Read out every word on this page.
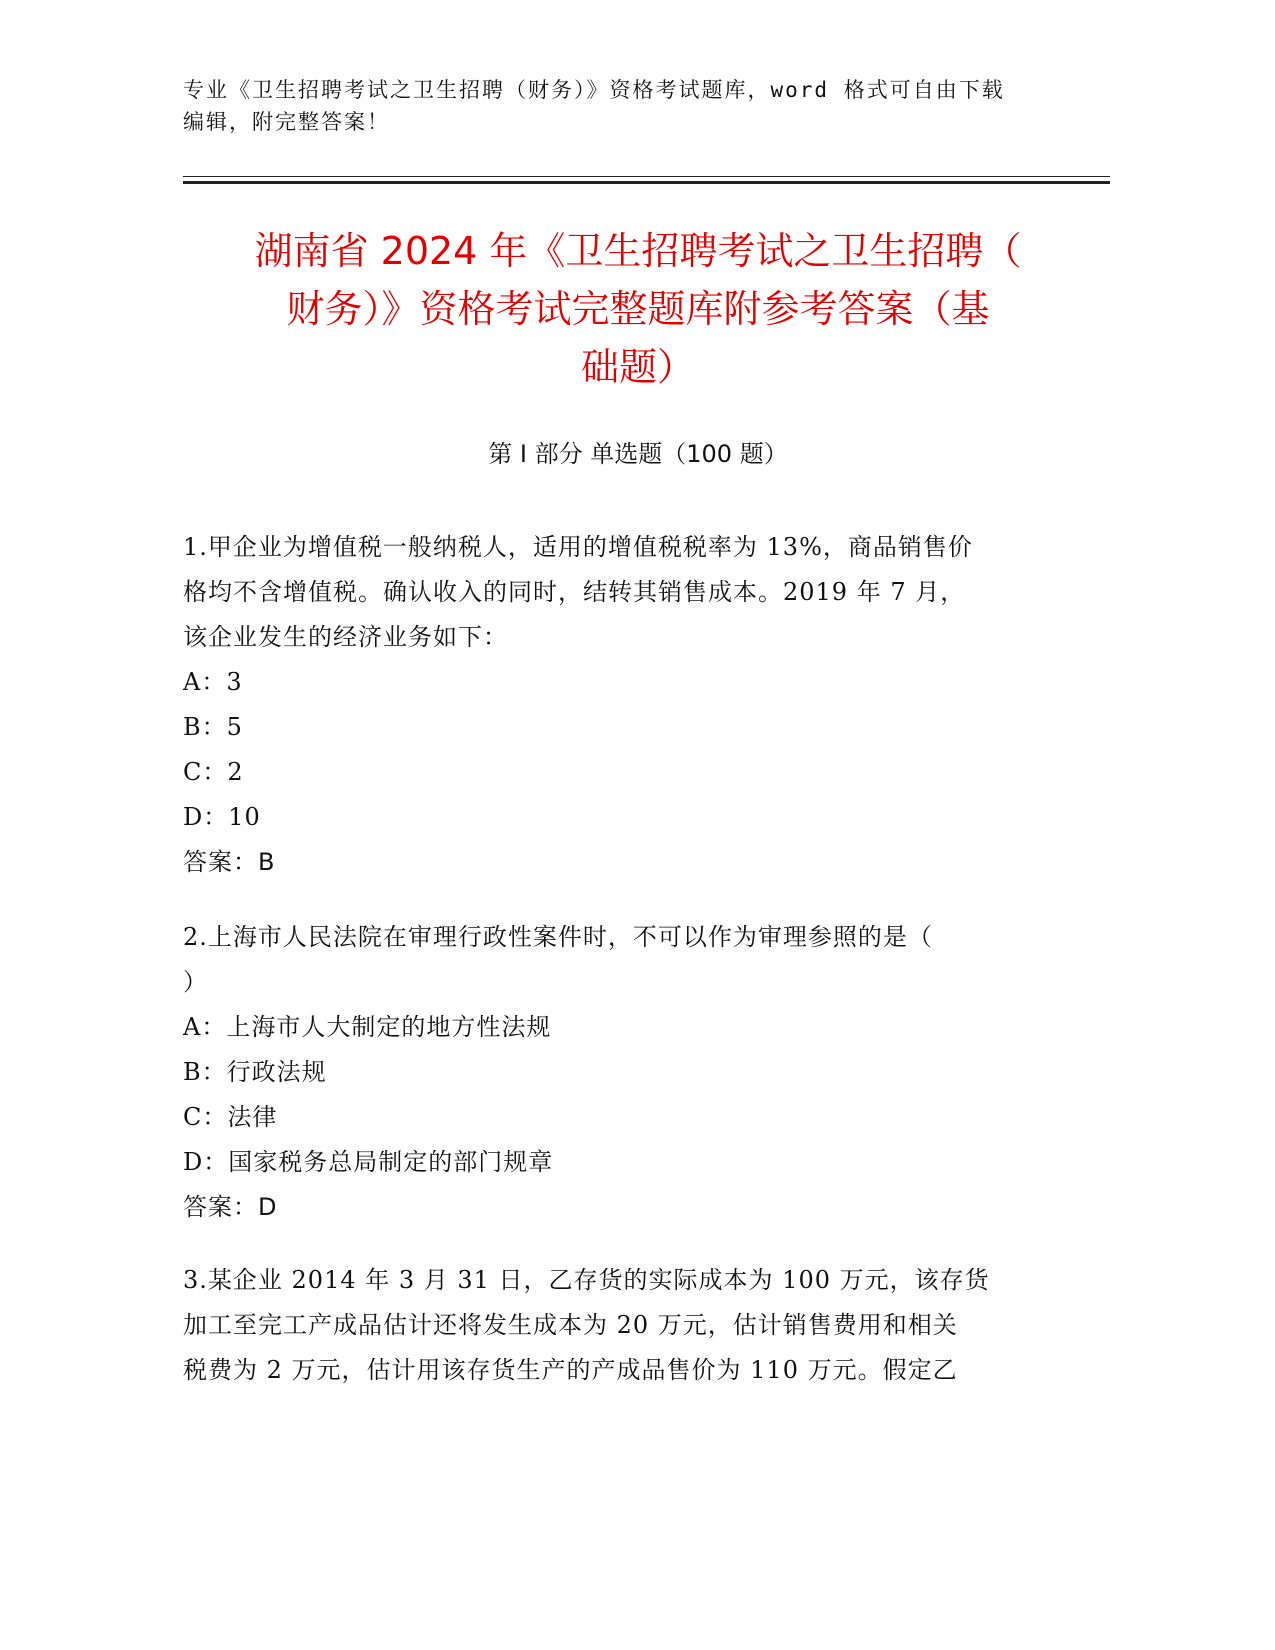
专业《卫生招聘考试之卫生招聘（财务）》资格考试题库，word 格式可自由下载
编辑，附完整答案！
湖南省 2024 年《卫生招聘考试之卫生招聘（
财务）》资格考试完整题库附参考答案（基
础题）
第 I 部分 单选题（100 题）

1.甲企业为增值税一般纳税人，适用的增值税税率为 13%，商品销售价

格均不含增值税。确认收入的同时，结转其销售成本。2019 年 7 月，

该企业发生的经济业务如下：

A：3

B：5

C：2

D：10

答案：B

2.上海市人民法院在审理行政性案件时，不可以作为审理参照的是（

）

A：上海市人大制定的地方性法规

B：行政法规

C：法律

D：国家税务总局制定的部门规章

答案：D

3.某企业 2014 年 3 月 31 日，乙存货的实际成本为 100 万元，该存货

加工至完工产成品估计还将发生成本为 20 万元，估计销售费用和相关

税费为 2 万元，估计用该存货生产的产成品售价为 110 万元。假定乙
